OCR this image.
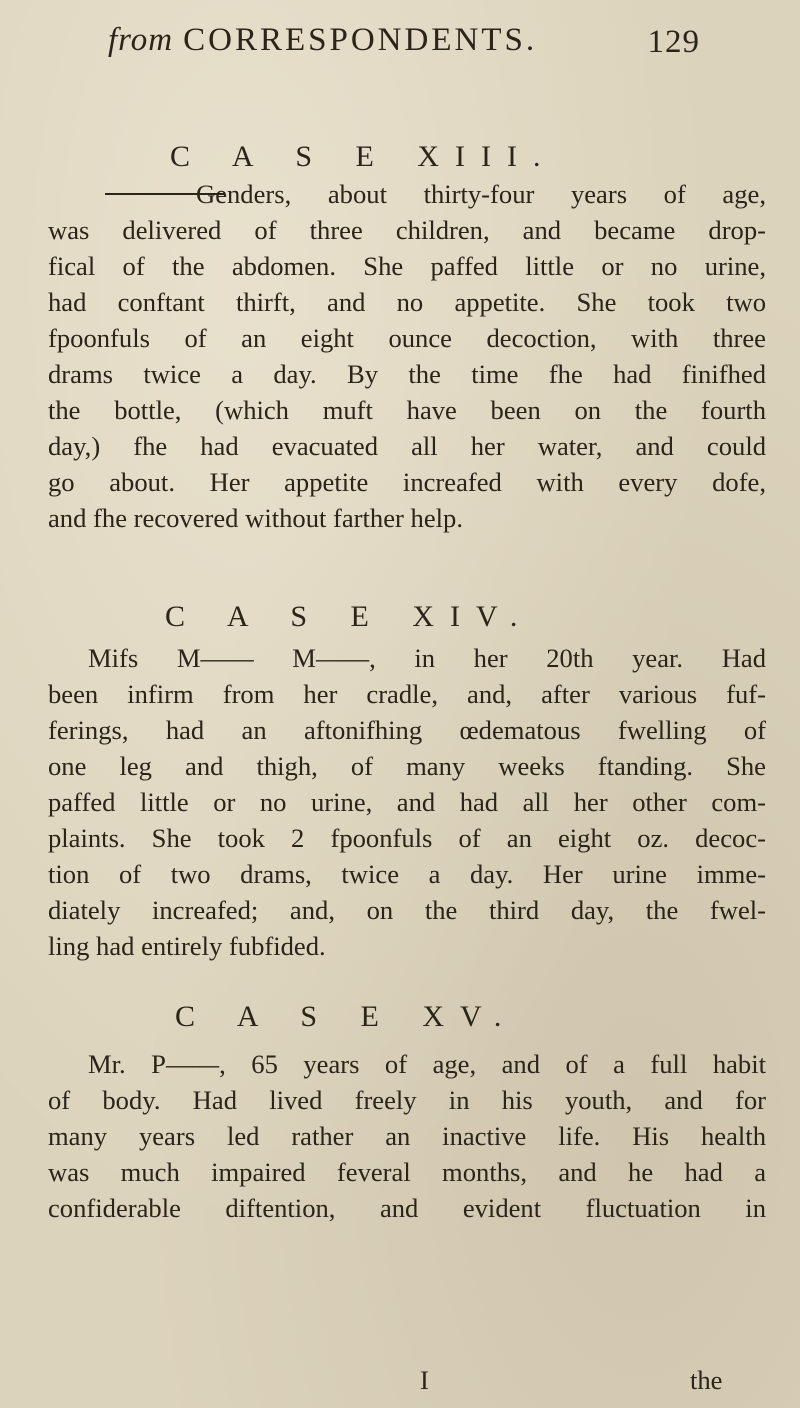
from CORRESPONDENTS.	129
C A S E XIII.
Genders, about thirty-four years of age,
was delivered of three children, and became drop-
fical of the abdomen. She paffed little or no urine,
had conftant thirft, and no appetite. She took two
fpoonfuls of an eight ounce decoction, with three
drams twice a day. By the time fhe had finifhed
the bottle, (which muft have been on the fourth
day,) fhe had evacuated all her water, and could
go about. Her appetite increafed with every dofe,
and fhe recovered without farther help.
C A S E XIV.
Mifs M—— M——, in her 20th year. Had
been infirm from her cradle, and, after various fuf-
ferings, had an aftonifhing œdematous fwelling of
one leg and thigh, of many weeks ftanding. She
paffed little or no urine, and had all her other com-
plaints. She took 2 fpoonfuls of an eight oz. decoc-
tion of two drams, twice a day. Her urine imme-
diately increafed; and, on the third day, the fwel-
ling had entirely fubfided.
C A S E XV.
Mr. P——, 65 years of age, and of a full habit
of body. Had lived freely in his youth, and for
many years led rather an inactive life. His health
was much impaired feveral months, and he had a
confiderable diftention, and evident fluctuation in
I	the
